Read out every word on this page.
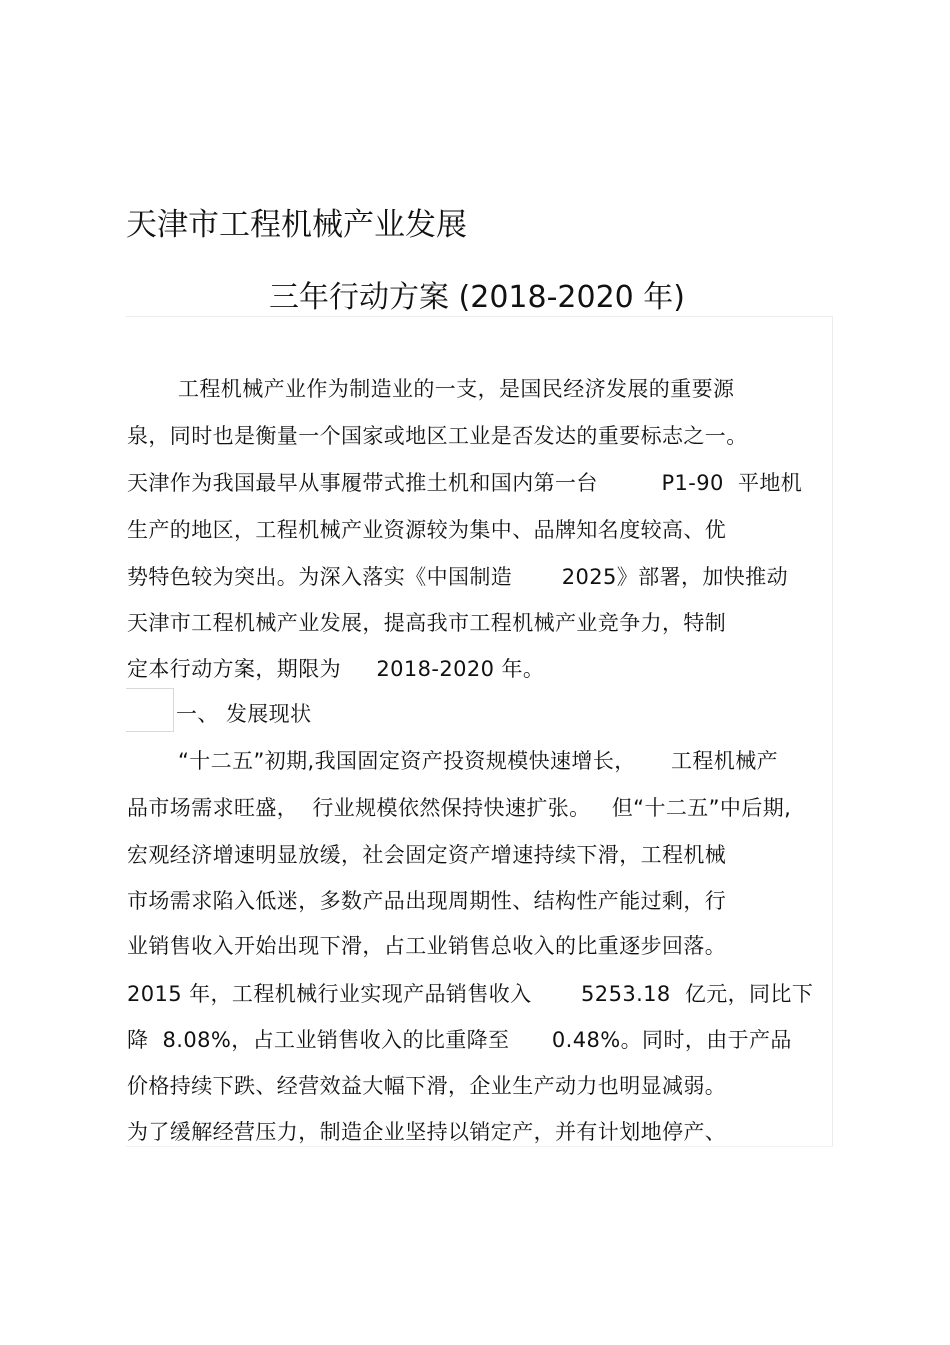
天津市工程机械产业发展
三年行动方案 (2018-2020 年)
工程机械产业作为制造业的一支，是国民经济发展的重要源
泉，同时也是衡量一个国家或地区工业是否发达的重要标志之一。
天津作为我国最早从事履带式推土机和国内第一台         P1-90  平地机
生产的地区，工程机械产业资源较为集中、品牌知名度较高、优
势特色较为突出。为深入落实《中国制造       2025》部署，加快推动
天津市工程机械产业发展，提高我市工程机械产业竞争力，特制
定本行动方案，期限为     2018-2020 年。
一、 发展现状
“十二五”初期,我国固定资产投资规模快速增长，     工程机械产
品市场需求旺盛，  行业规模依然保持快速扩张。   但“十二五”中后期,
宏观经济增速明显放缓，社会固定资产增速持续下滑，工程机械
市场需求陷入低迷，多数产品出现周期性、结构性产能过剩，行
业销售收入开始出现下滑，占工业销售总收入的比重逐步回落。
2015 年，工程机械行业实现产品销售收入       5253.18  亿元，同比下
降  8.08%，占工业销售收入的比重降至      0.48%。同时，由于产品
价格持续下跌、经营效益大幅下滑，企业生产动力也明显减弱。
为了缓解经营压力，制造企业坚持以销定产，并有计划地停产、
